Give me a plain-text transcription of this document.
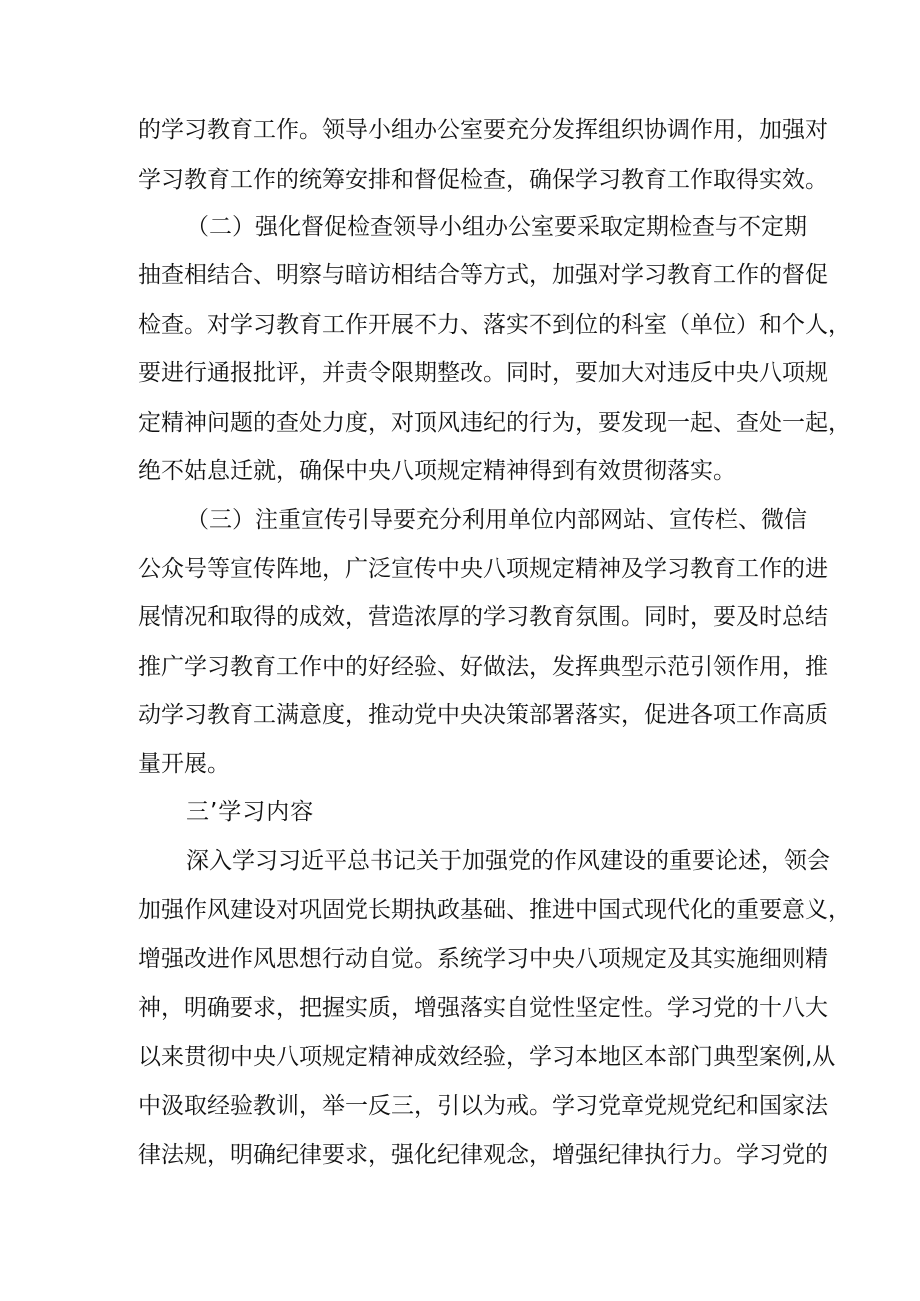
的学习教育工作。领导小组办公室要充分发挥组织协调作用，加强对
学习教育工作的统筹安排和督促检查，确保学习教育工作取得实效。
（二）强化督促检查领导小组办公室要采取定期检查与不定期
抽查相结合、明察与暗访相结合等方式，加强对学习教育工作的督促
检查。对学习教育工作开展不力、落实不到位的科室（单位）和个人，
要进行通报批评，并责令限期整改。同时，要加大对违反中央八项规
定精神问题的查处力度，对顶风违纪的行为，要发现一起、查处一起，
绝不姑息迁就，确保中央八项规定精神得到有效贯彻落实。
（三）注重宣传引导要充分利用单位内部网站、宣传栏、微信
公众号等宣传阵地，广泛宣传中央八项规定精神及学习教育工作的进
展情况和取得的成效，营造浓厚的学习教育氛围。同时，要及时总结
推广学习教育工作中的好经验、好做法，发挥典型示范引领作用，推
动学习教育工满意度，推动党中央决策部署落实，促进各项工作高质
量开展。
三’学习内容
深入学习习近平总书记关于加强党的作风建设的重要论述，领会
加强作风建设对巩固党长期执政基础、推进中国式现代化的重要意义，
增强改进作风思想行动自觉。系统学习中央八项规定及其实施细则精
神，明确要求，把握实质，增强落实自觉性坚定性。学习党的十八大
以来贯彻中央八项规定精神成效经验，学习本地区本部门典型案例,从
中汲取经验教训，举一反三，引以为戒。学习党章党规党纪和国家法
律法规，明确纪律要求，强化纪律观念，增强纪律执行力。学习党的
